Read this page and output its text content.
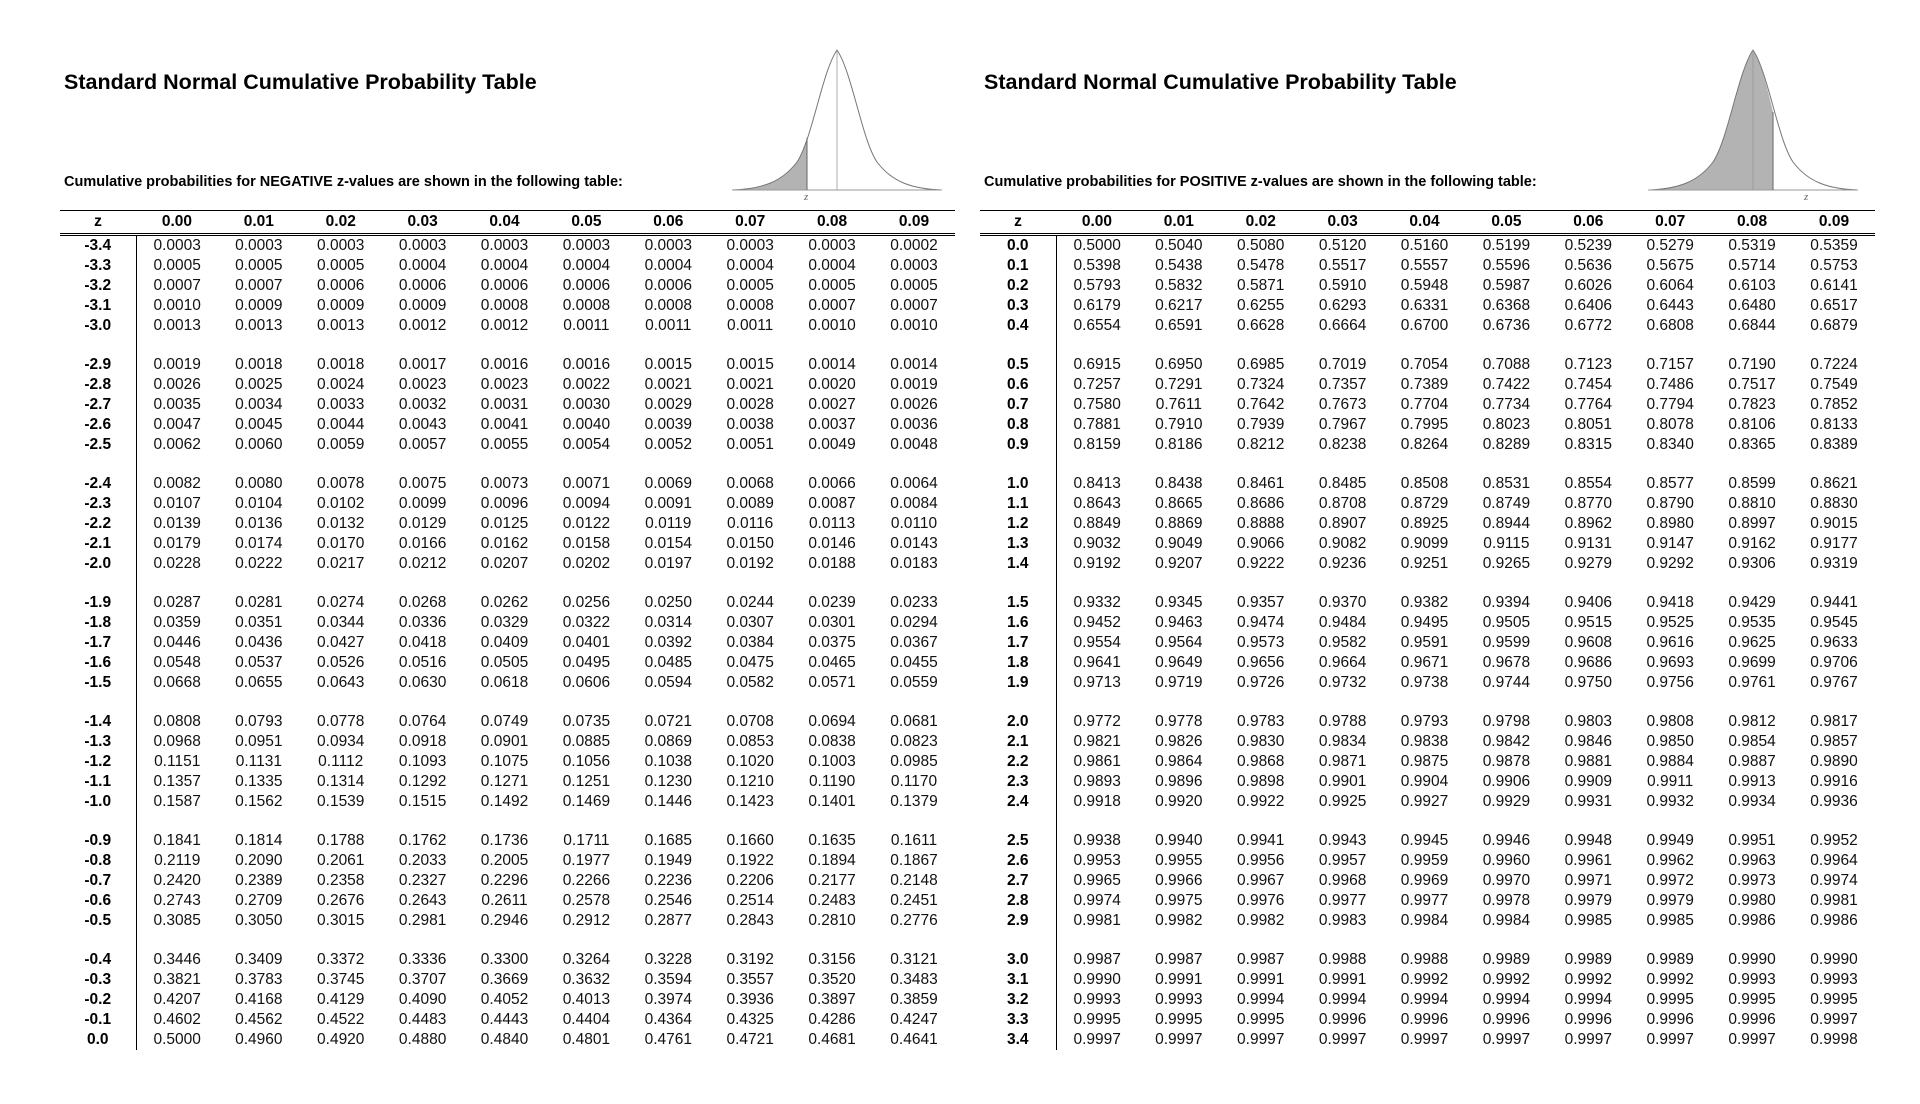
Standard Normal Cumulative Probability Table
Cumulative probabilities for NEGATIVE z-values are shown in the following table:
z
z	0.00	0.01	0.02	0.03	0.04	0.05	0.06	0.07	0.08	0.09
-3.4	0.0003	0.0003	0.0003	0.0003	0.0003	0.0003	0.0003	0.0003	0.0003	0.0002
-3.3	0.0005	0.0005	0.0005	0.0004	0.0004	0.0004	0.0004	0.0004	0.0004	0.0003
-3.2	0.0007	0.0007	0.0006	0.0006	0.0006	0.0006	0.0006	0.0005	0.0005	0.0005
-3.1	0.0010	0.0009	0.0009	0.0009	0.0008	0.0008	0.0008	0.0008	0.0007	0.0007
-3.0	0.0013	0.0013	0.0013	0.0012	0.0012	0.0011	0.0011	0.0011	0.0010	0.0010

-2.9	0.0019	0.0018	0.0018	0.0017	0.0016	0.0016	0.0015	0.0015	0.0014	0.0014
-2.8	0.0026	0.0025	0.0024	0.0023	0.0023	0.0022	0.0021	0.0021	0.0020	0.0019
-2.7	0.0035	0.0034	0.0033	0.0032	0.0031	0.0030	0.0029	0.0028	0.0027	0.0026
-2.6	0.0047	0.0045	0.0044	0.0043	0.0041	0.0040	0.0039	0.0038	0.0037	0.0036
-2.5	0.0062	0.0060	0.0059	0.0057	0.0055	0.0054	0.0052	0.0051	0.0049	0.0048

-2.4	0.0082	0.0080	0.0078	0.0075	0.0073	0.0071	0.0069	0.0068	0.0066	0.0064
-2.3	0.0107	0.0104	0.0102	0.0099	0.0096	0.0094	0.0091	0.0089	0.0087	0.0084
-2.2	0.0139	0.0136	0.0132	0.0129	0.0125	0.0122	0.0119	0.0116	0.0113	0.0110
-2.1	0.0179	0.0174	0.0170	0.0166	0.0162	0.0158	0.0154	0.0150	0.0146	0.0143
-2.0	0.0228	0.0222	0.0217	0.0212	0.0207	0.0202	0.0197	0.0192	0.0188	0.0183

-1.9	0.0287	0.0281	0.0274	0.0268	0.0262	0.0256	0.0250	0.0244	0.0239	0.0233
-1.8	0.0359	0.0351	0.0344	0.0336	0.0329	0.0322	0.0314	0.0307	0.0301	0.0294
-1.7	0.0446	0.0436	0.0427	0.0418	0.0409	0.0401	0.0392	0.0384	0.0375	0.0367
-1.6	0.0548	0.0537	0.0526	0.0516	0.0505	0.0495	0.0485	0.0475	0.0465	0.0455
-1.5	0.0668	0.0655	0.0643	0.0630	0.0618	0.0606	0.0594	0.0582	0.0571	0.0559

-1.4	0.0808	0.0793	0.0778	0.0764	0.0749	0.0735	0.0721	0.0708	0.0694	0.0681
-1.3	0.0968	0.0951	0.0934	0.0918	0.0901	0.0885	0.0869	0.0853	0.0838	0.0823
-1.2	0.1151	0.1131	0.1112	0.1093	0.1075	0.1056	0.1038	0.1020	0.1003	0.0985
-1.1	0.1357	0.1335	0.1314	0.1292	0.1271	0.1251	0.1230	0.1210	0.1190	0.1170
-1.0	0.1587	0.1562	0.1539	0.1515	0.1492	0.1469	0.1446	0.1423	0.1401	0.1379

-0.9	0.1841	0.1814	0.1788	0.1762	0.1736	0.1711	0.1685	0.1660	0.1635	0.1611
-0.8	0.2119	0.2090	0.2061	0.2033	0.2005	0.1977	0.1949	0.1922	0.1894	0.1867
-0.7	0.2420	0.2389	0.2358	0.2327	0.2296	0.2266	0.2236	0.2206	0.2177	0.2148
-0.6	0.2743	0.2709	0.2676	0.2643	0.2611	0.2578	0.2546	0.2514	0.2483	0.2451
-0.5	0.3085	0.3050	0.3015	0.2981	0.2946	0.2912	0.2877	0.2843	0.2810	0.2776

-0.4	0.3446	0.3409	0.3372	0.3336	0.3300	0.3264	0.3228	0.3192	0.3156	0.3121
-0.3	0.3821	0.3783	0.3745	0.3707	0.3669	0.3632	0.3594	0.3557	0.3520	0.3483
-0.2	0.4207	0.4168	0.4129	0.4090	0.4052	0.4013	0.3974	0.3936	0.3897	0.3859
-0.1	0.4602	0.4562	0.4522	0.4483	0.4443	0.4404	0.4364	0.4325	0.4286	0.4247
0.0	0.5000	0.4960	0.4920	0.4880	0.4840	0.4801	0.4761	0.4721	0.4681	0.4641
Standard Normal Cumulative Probability Table
Cumulative probabilities for POSITIVE z-values are shown in the following table:
z
z	0.00	0.01	0.02	0.03	0.04	0.05	0.06	0.07	0.08	0.09
0.0	0.5000	0.5040	0.5080	0.5120	0.5160	0.5199	0.5239	0.5279	0.5319	0.5359
0.1	0.5398	0.5438	0.5478	0.5517	0.5557	0.5596	0.5636	0.5675	0.5714	0.5753
0.2	0.5793	0.5832	0.5871	0.5910	0.5948	0.5987	0.6026	0.6064	0.6103	0.6141
0.3	0.6179	0.6217	0.6255	0.6293	0.6331	0.6368	0.6406	0.6443	0.6480	0.6517
0.4	0.6554	0.6591	0.6628	0.6664	0.6700	0.6736	0.6772	0.6808	0.6844	0.6879

0.5	0.6915	0.6950	0.6985	0.7019	0.7054	0.7088	0.7123	0.7157	0.7190	0.7224
0.6	0.7257	0.7291	0.7324	0.7357	0.7389	0.7422	0.7454	0.7486	0.7517	0.7549
0.7	0.7580	0.7611	0.7642	0.7673	0.7704	0.7734	0.7764	0.7794	0.7823	0.7852
0.8	0.7881	0.7910	0.7939	0.7967	0.7995	0.8023	0.8051	0.8078	0.8106	0.8133
0.9	0.8159	0.8186	0.8212	0.8238	0.8264	0.8289	0.8315	0.8340	0.8365	0.8389

1.0	0.8413	0.8438	0.8461	0.8485	0.8508	0.8531	0.8554	0.8577	0.8599	0.8621
1.1	0.8643	0.8665	0.8686	0.8708	0.8729	0.8749	0.8770	0.8790	0.8810	0.8830
1.2	0.8849	0.8869	0.8888	0.8907	0.8925	0.8944	0.8962	0.8980	0.8997	0.9015
1.3	0.9032	0.9049	0.9066	0.9082	0.9099	0.9115	0.9131	0.9147	0.9162	0.9177
1.4	0.9192	0.9207	0.9222	0.9236	0.9251	0.9265	0.9279	0.9292	0.9306	0.9319

1.5	0.9332	0.9345	0.9357	0.9370	0.9382	0.9394	0.9406	0.9418	0.9429	0.9441
1.6	0.9452	0.9463	0.9474	0.9484	0.9495	0.9505	0.9515	0.9525	0.9535	0.9545
1.7	0.9554	0.9564	0.9573	0.9582	0.9591	0.9599	0.9608	0.9616	0.9625	0.9633
1.8	0.9641	0.9649	0.9656	0.9664	0.9671	0.9678	0.9686	0.9693	0.9699	0.9706
1.9	0.9713	0.9719	0.9726	0.9732	0.9738	0.9744	0.9750	0.9756	0.9761	0.9767

2.0	0.9772	0.9778	0.9783	0.9788	0.9793	0.9798	0.9803	0.9808	0.9812	0.9817
2.1	0.9821	0.9826	0.9830	0.9834	0.9838	0.9842	0.9846	0.9850	0.9854	0.9857
2.2	0.9861	0.9864	0.9868	0.9871	0.9875	0.9878	0.9881	0.9884	0.9887	0.9890
2.3	0.9893	0.9896	0.9898	0.9901	0.9904	0.9906	0.9909	0.9911	0.9913	0.9916
2.4	0.9918	0.9920	0.9922	0.9925	0.9927	0.9929	0.9931	0.9932	0.9934	0.9936

2.5	0.9938	0.9940	0.9941	0.9943	0.9945	0.9946	0.9948	0.9949	0.9951	0.9952
2.6	0.9953	0.9955	0.9956	0.9957	0.9959	0.9960	0.9961	0.9962	0.9963	0.9964
2.7	0.9965	0.9966	0.9967	0.9968	0.9969	0.9970	0.9971	0.9972	0.9973	0.9974
2.8	0.9974	0.9975	0.9976	0.9977	0.9977	0.9978	0.9979	0.9979	0.9980	0.9981
2.9	0.9981	0.9982	0.9982	0.9983	0.9984	0.9984	0.9985	0.9985	0.9986	0.9986

3.0	0.9987	0.9987	0.9987	0.9988	0.9988	0.9989	0.9989	0.9989	0.9990	0.9990
3.1	0.9990	0.9991	0.9991	0.9991	0.9992	0.9992	0.9992	0.9992	0.9993	0.9993
3.2	0.9993	0.9993	0.9994	0.9994	0.9994	0.9994	0.9994	0.9995	0.9995	0.9995
3.3	0.9995	0.9995	0.9995	0.9996	0.9996	0.9996	0.9996	0.9996	0.9996	0.9997
3.4	0.9997	0.9997	0.9997	0.9997	0.9997	0.9997	0.9997	0.9997	0.9997	0.9998
